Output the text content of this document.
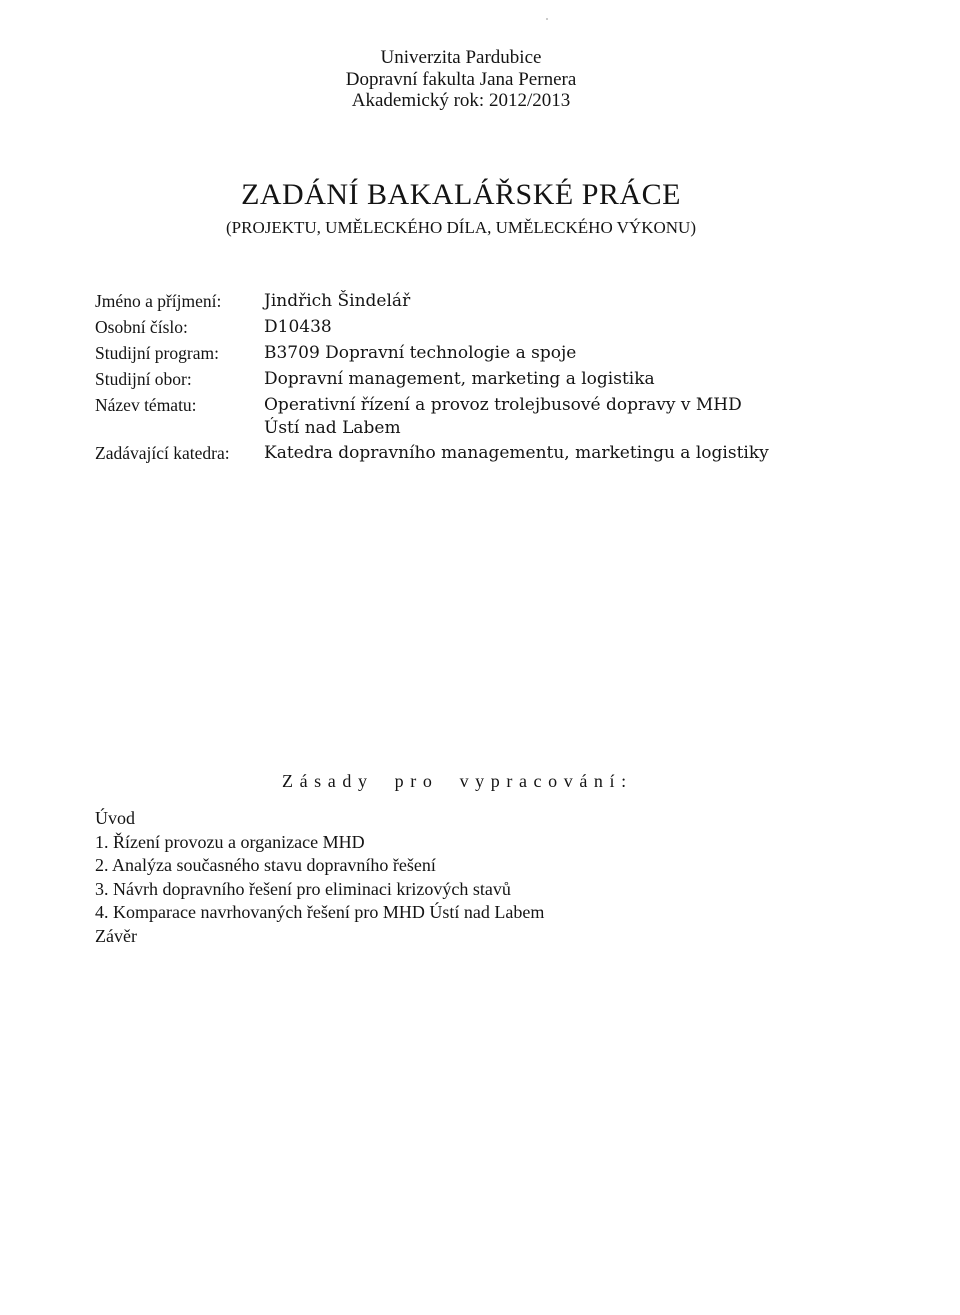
Univerzita Pardubice
Dopravní fakulta Jana Pernera
Akademický rok: 2012/2013
ZADÁNÍ BAKALÁŘSKÉ PRÁCE
(PROJEKTU, UMĚLECKÉHO DÍLA, UMĚLECKÉHO VÝKONU)
Jméno a příjmení:	Jindřich Šindelář
Osobní číslo:	D10438
Studijní program:	B3709 Dopravní technologie a spoje
Studijní obor:	Dopravní management, marketing a logistika
Název tématu:	Operativní řízení a provoz trolejbusové dopravy v MHD
Ústí nad Labem
Zadávající katedra:	Katedra dopravního managementu, marketingu a logistiky
Zásady pro vypracování:
Úvod
1. Řízení provozu a organizace MHD
2. Analýza současného stavu dopravního řešení
3. Návrh dopravního řešení pro eliminaci krizových stavů
4. Komparace navrhovaných řešení pro MHD Ústí nad Labem
Závěr
